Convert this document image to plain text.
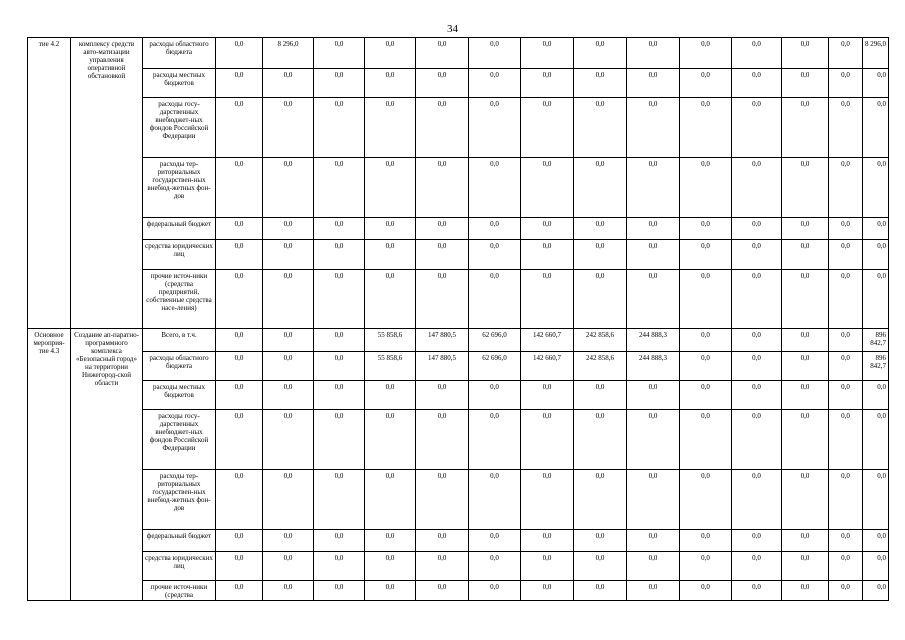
34
тие 4.2	комплексу средств авто-матизации управления оперативной обстановкой	расходы областного бюджета	0,0	8 296,0	0,0	0,0	0,0	0,0	0,0	0,0	0,0	0,0	0,0	0,0	0,0	8 296,0
		расходы местных бюджетов	0,0	0,0	0,0	0,0	0,0	0,0	0,0	0,0	0,0	0,0	0,0	0,0	0,0	0,0
		расходы госу-дарственных внебюджет-ных фондов Российской Федерации	0,0	0,0	0,0	0,0	0,0	0,0	0,0	0,0	0,0	0,0	0,0	0,0	0,0	0,0
		расходы тер-риториальных государствен-ных внебюд-жетных фон-дов	0,0	0,0	0,0	0,0	0,0	0,0	0,0	0,0	0,0	0,0	0,0	0,0	0,0	0,0
		федеральный бюджет	0,0	0,0	0,0	0,0	0,0	0,0	0,0	0,0	0,0	0,0	0,0	0,0	0,0	0,0
		средства юридических лиц	0,0	0,0	0,0	0,0	0,0	0,0	0,0	0,0	0,0	0,0	0,0	0,0	0,0	0,0
		прочие источ-ники (средства предприятий, собственные средства насе-ления)	0,0	0,0	0,0	0,0	0,0	0,0	0,0	0,0	0,0	0,0	0,0	0,0	0,0	0,0
Основное мероприя-тие 4.3	Создание ап-паратно-программного комплекса «Безопасный город» на территории Нижегород-ской области	Всего, в т.ч.	0,0	0,0	0,0	55 858,6	147 880,5	62 696,0	142 660,7	242 858,6	244 888,3	0,0	0,0	0,0	0,0	896 842,7
		расходы областного бюджета	0,0	0,0	0,0	55 858,6	147 880,5	62 696,0	142 660,7	242 858,6	244 888,3	0,0	0,0	0,0	0,0	896 842,7
		расходы местных бюджетов	0,0	0,0	0,0	0,0	0,0	0,0	0,0	0,0	0,0	0,0	0,0	0,0	0,0	0,0
		расходы госу-дарственных внебюджет-ных фондов Российской Федерации	0,0	0,0	0,0	0,0	0,0	0,0	0,0	0,0	0,0	0,0	0,0	0,0	0,0	0,0
		расходы тер-риториальных государствен-ных внебюд-жетных фон-дов	0,0	0,0	0,0	0,0	0,0	0,0	0,0	0,0	0,0	0,0	0,0	0,0	0,0	0,0
		федеральный бюджет	0,0	0,0	0,0	0,0	0,0	0,0	0,0	0,0	0,0	0,0	0,0	0,0	0,0	0,0
		средства юридических лиц	0,0	0,0	0,0	0,0	0,0	0,0	0,0	0,0	0,0	0,0	0,0	0,0	0,0	0,0
		прочие источ-ники (средства	0,0	0,0	0,0	0,0	0,0	0,0	0,0	0,0	0,0	0,0	0,0	0,0	0,0	0,0
